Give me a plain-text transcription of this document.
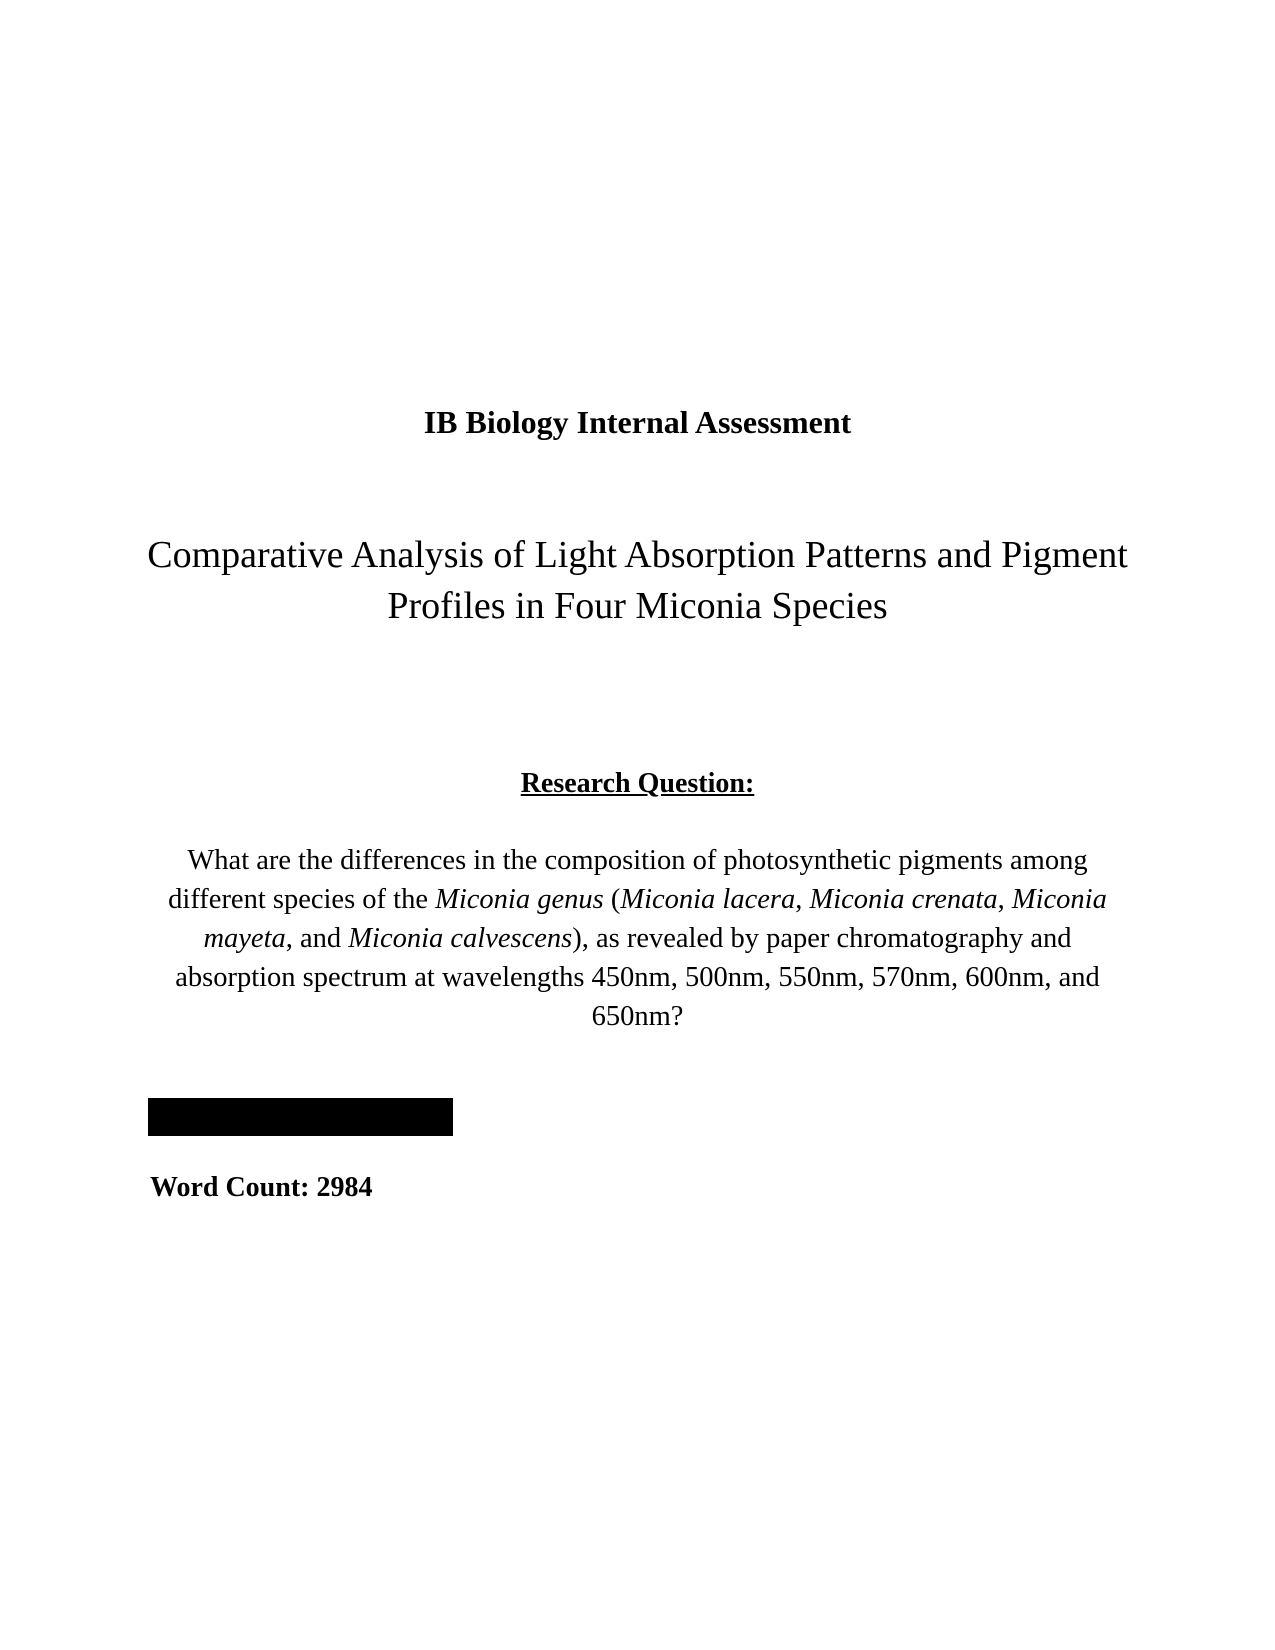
IB Biology Internal Assessment
Comparative Analysis of Light Absorption Patterns and Pigment
Profiles in Four Miconia Species
Research Question:
What are the differences in the composition of photosynthetic pigments among different species of the Miconia genus (Miconia lacera, Miconia crenata, Miconia mayeta, and Miconia calvescens), as revealed by paper chromatography and absorption spectrum at wavelengths 450nm, 500nm, 550nm, 570nm, 600nm, and 650nm?
Word Count: 2984
